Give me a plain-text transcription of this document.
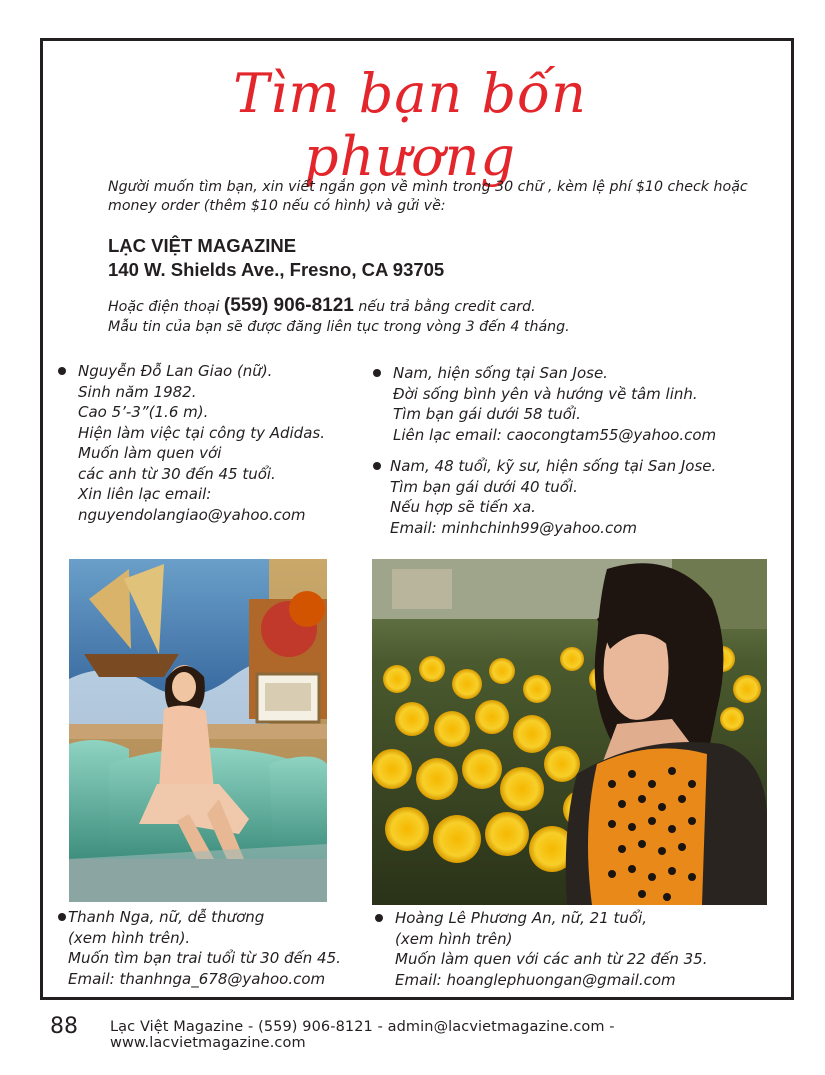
Tìm bạn bốn phương
Người muốn tìm bạn, xin viết ngắn gọn về mình trong 30 chữ , kèm lệ phí $10 check hoặc
money order (thêm $10 nếu có hình) và gửi về:
LẠC VIỆT MAGAZINE
140 W. Shields Ave., Fresno, CA 93705
Hoặc điện thoại (559) 906-8121 nếu trả bằng credit card.
Mẫu tin của bạn sẽ được đăng liên tục trong vòng 3 đến 4 tháng.
Nguyễn Đỗ Lan Giao (nữ).
Sinh năm 1982.
Cao 5’-3”(1.6 m).
Hiện làm việc tại công ty Adidas.
Muốn làm quen với
các anh từ 30 đến 45 tuổi.
Xin liên lạc email:
nguyendolangiao@yahoo.com
Nam, hiện sống tại San Jose.
Đời sống bình yên và hướng về tâm linh.
Tìm bạn gái dưới 58 tuổi.
Liên lạc email: caocongtam55@yahoo.com
Nam, 48 tuổi, kỹ sư, hiện sống tại San Jose.
Tìm bạn gái dưới 40 tuổi.
Nếu hợp sẽ tiến xa.
Email: minhchinh99@yahoo.com
Thanh Nga, nữ, dễ thương
(xem hình trên).
Muốn tìm bạn trai tuổi từ 30 đến 45.
Email: thanhnga_678@yahoo.com
Hoàng Lê Phương An, nữ, 21 tuổi,
(xem hình trên)
Muốn làm quen với các anh từ 22 đến 35.
Email: hoanglephuongan@gmail.com
88 Lạc Việt Magazine - (559) 906-8121 - admin@lacvietmagazine.com - www.lacvietmagazine.com
